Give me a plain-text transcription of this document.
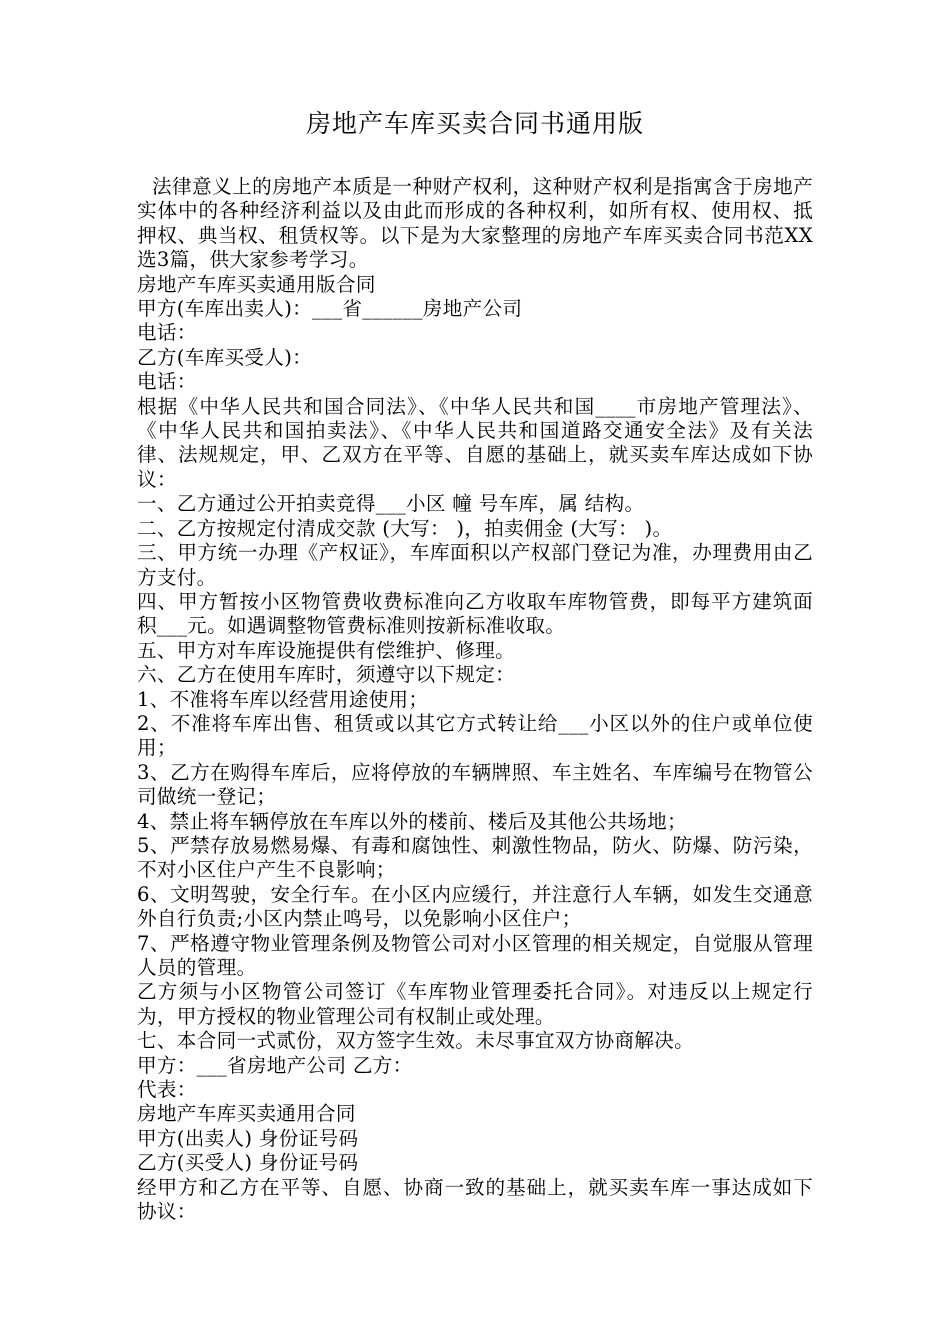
房地产车库买卖合同书通用版

法律意义上的房地产本质是一种财产权利，这种财产权利是指寓含于房地产实体中的各种经济利益以及由此而形成的各种权利，如所有权、使用权、抵押权、典当权、租赁权等。以下是为大家整理的房地产车库买卖合同书范XX选3篇，供大家参考学习。

房地产车库买卖通用版合同

甲方(车库出卖人)：___省______房地产公司

电话：

乙方(车库买受人)：

电话：

根据《中华人民共和国合同法》、《中华人民共和国____市房地产管理法》、《中华人民共和国拍卖法》、《中华人民共和国道路交通安全法》及有关法律、法规规定，甲、乙双方在平等、自愿的基础上，就买卖车库达成如下协议：

一、乙方通过公开拍卖竞得___小区 幢 号车库，属 结构。

二、乙方按规定付清成交款 (大写： )，拍卖佣金 (大写： )。

三、甲方统一办理《产权证》，车库面积以产权部门登记为准，办理费用由乙方支付。

四、甲方暂按小区物管费收费标准向乙方收取车库物管费，即每平方建筑面积___元。如遇调整物管费标准则按新标准收取。

五、甲方对车库设施提供有偿维护、修理。

六、乙方在使用车库时，须遵守以下规定：

1、不准将车库以经营用途使用；

2、不准将车库出售、租赁或以其它方式转让给___小区以外的住户或单位使用；

3、乙方在购得车库后，应将停放的车辆牌照、车主姓名、车库编号在物管公司做统一登记；

4、禁止将车辆停放在车库以外的楼前、楼后及其他公共场地；

5、严禁存放易燃易爆、有毒和腐蚀性、刺激性物品，防火、防爆、防污染，不对小区住户产生不良影响；

6、文明驾驶，安全行车。在小区内应缓行，并注意行人车辆，如发生交通意外自行负责;小区内禁止鸣号，以免影响小区住户；

7、严格遵守物业管理条例及物管公司对小区管理的相关规定，自觉服从管理人员的管理。

乙方须与小区物管公司签订《车库物业管理委托合同》。对违反以上规定行为，甲方授权的物业管理公司有权制止或处理。

七、本合同一式贰份，双方签字生效。未尽事宜双方协商解决。

甲方：___省房地产公司 乙方：

代表：

房地产车库买卖通用合同

甲方(出卖人) 身份证号码

乙方(买受人) 身份证号码

经甲方和乙方在平等、自愿、协商一致的基础上，就买卖车库一事达成如下协议：
